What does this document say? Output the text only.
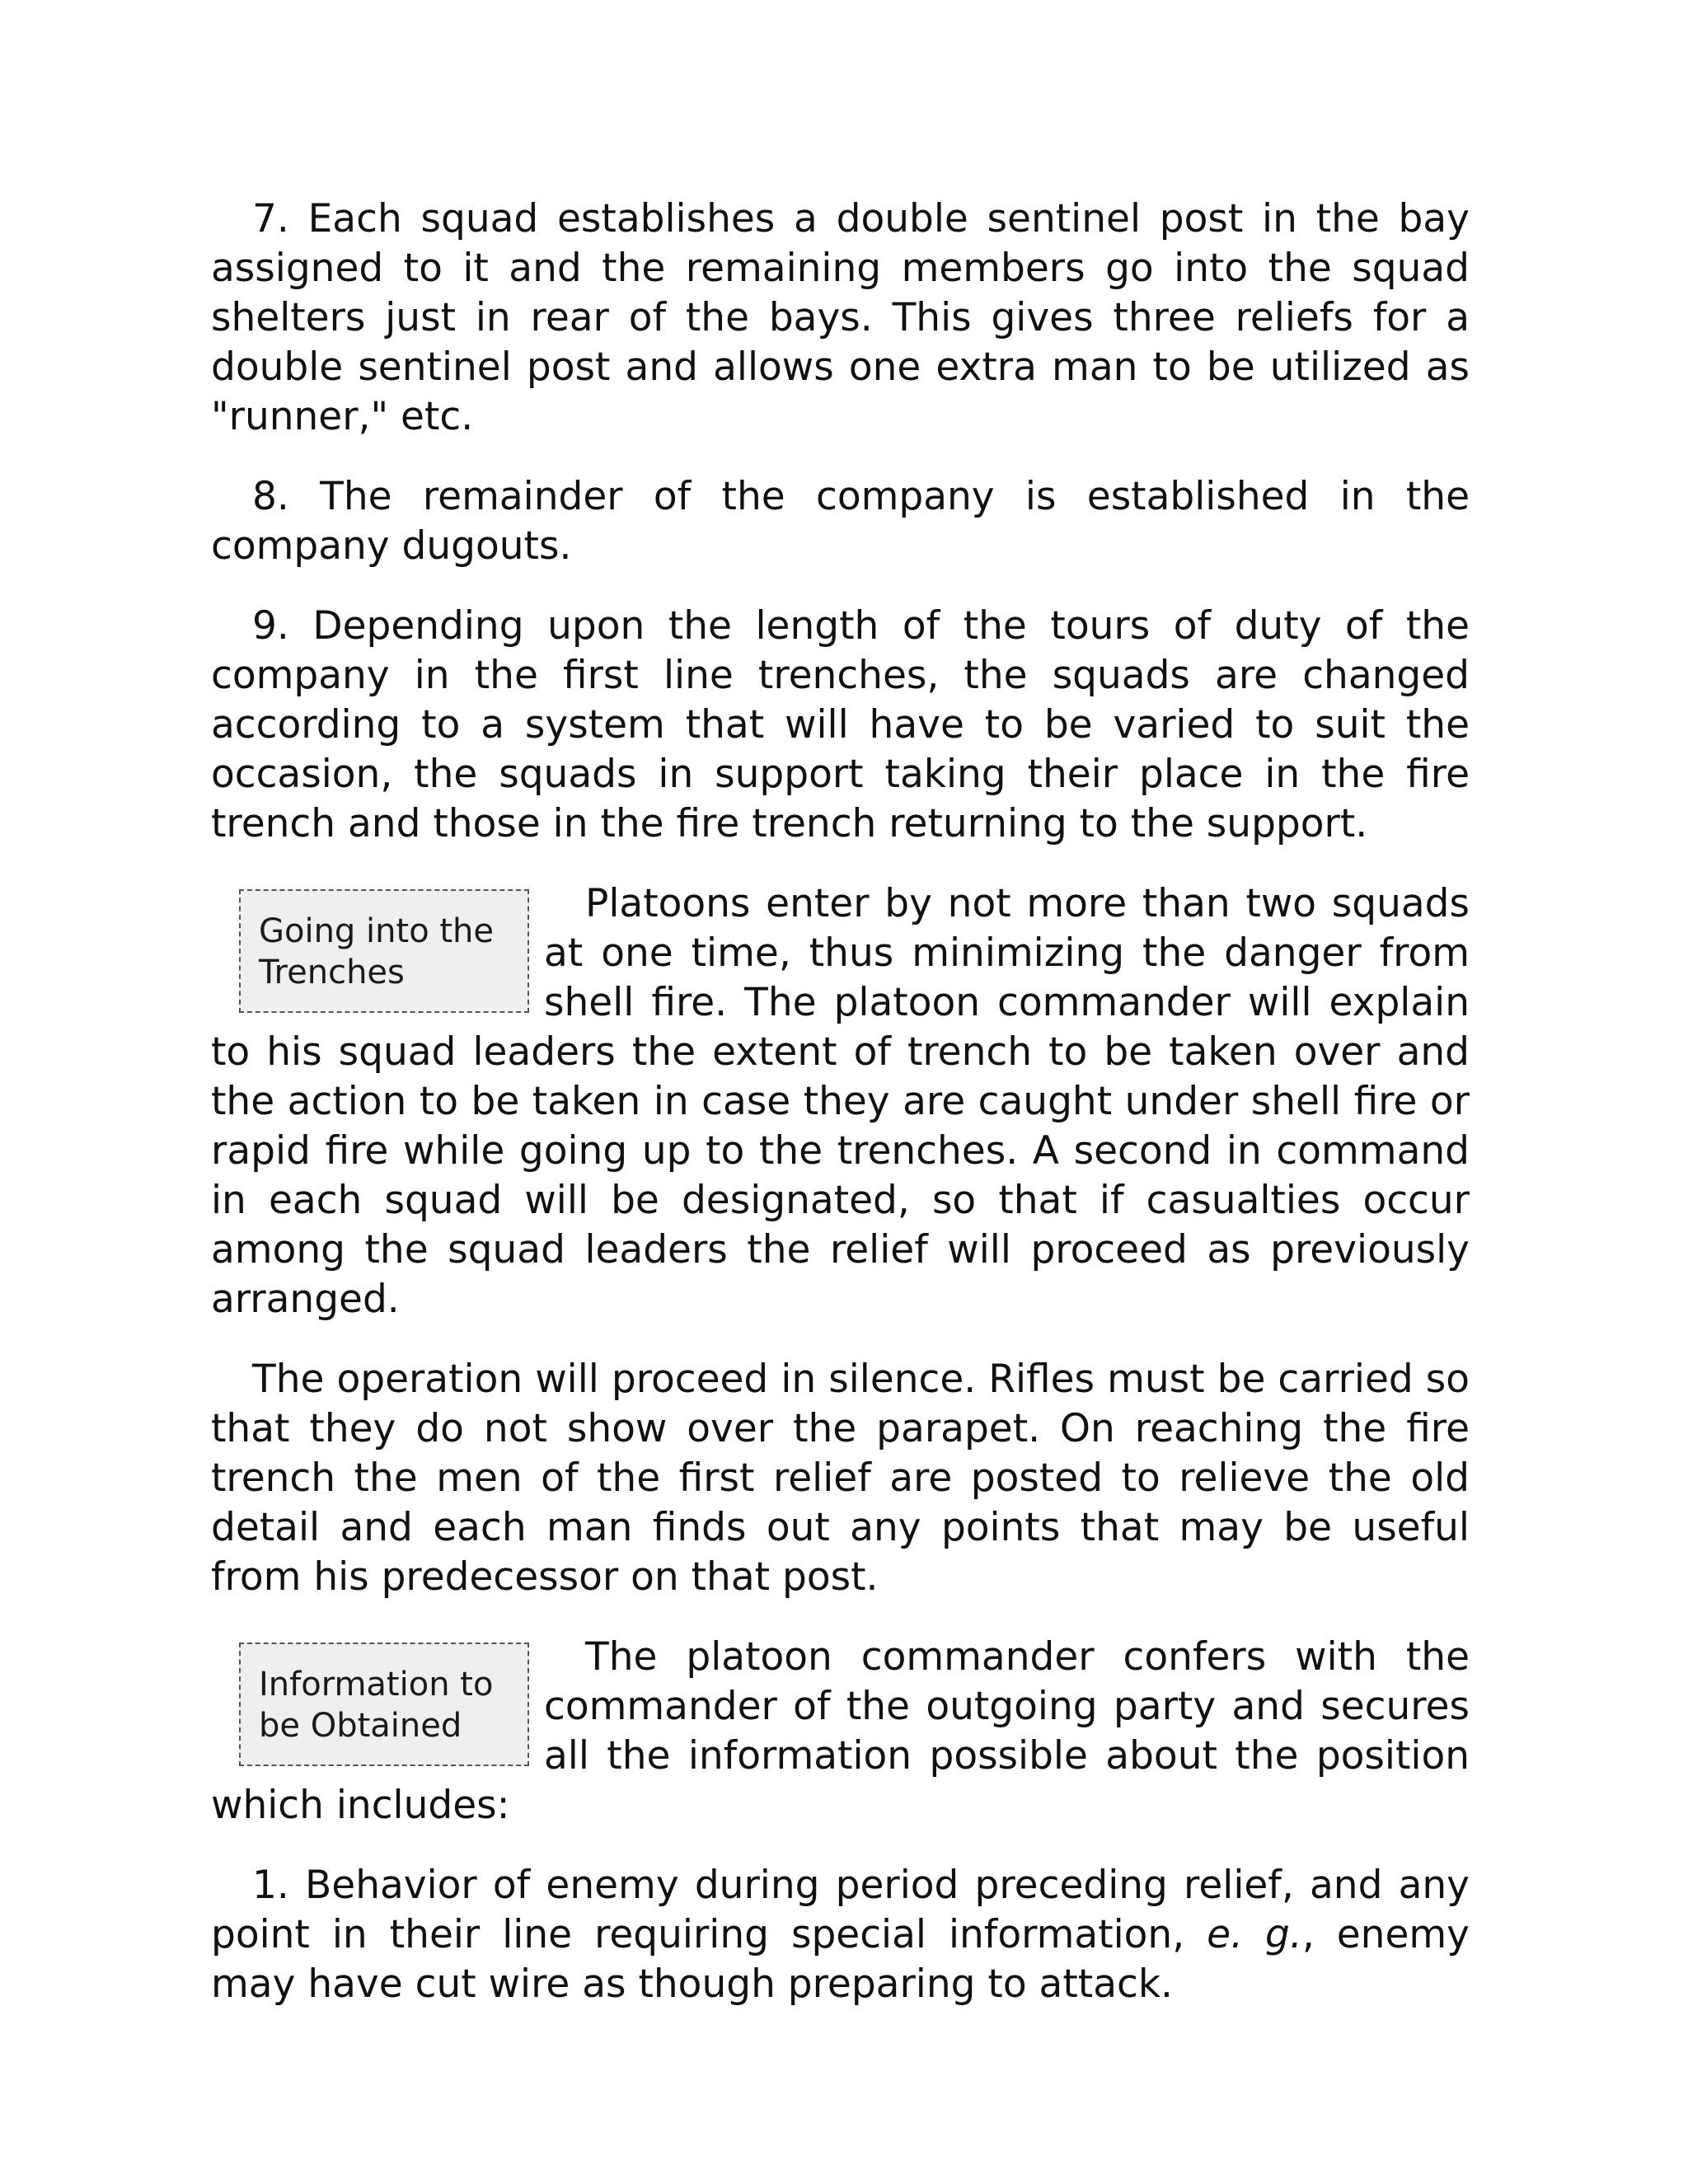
7. Each squad establishes a double sentinel post in the bay assigned to it and the remaining members go into the squad shelters just in rear of the bays. This gives three reliefs for a double sentinel post and allows one extra man to be utilized as "runner," etc.

8. The remainder of the company is established in the company dugouts.

9. Depending upon the length of the tours of duty of the company in the first line trenches, the squads are changed according to a system that will have to be varied to suit the occasion, the squads in support taking their place in the fire trench and those in the fire trench returning to the support.

Going into the Trenches
Platoons enter by not more than two squads at one time, thus minimizing the danger from shell fire. The platoon commander will explain to his squad leaders the extent of trench to be taken over and the action to be taken in case they are caught under shell fire or rapid fire while going up to the trenches. A second in command in each squad will be designated, so that if casualties occur among the squad leaders the relief will proceed as previously arranged.

The operation will proceed in silence. Rifles must be carried so that they do not show over the parapet. On reaching the fire trench the men of the first relief are posted to relieve the old detail and each man finds out any points that may be useful from his predecessor on that post.

Information to be Obtained
The platoon commander confers with the commander of the outgoing party and secures all the information possible about the position which includes:

1. Behavior of enemy during period preceding relief, and any point in their line requiring special information, e. g., enemy may have cut wire as though preparing to attack.
